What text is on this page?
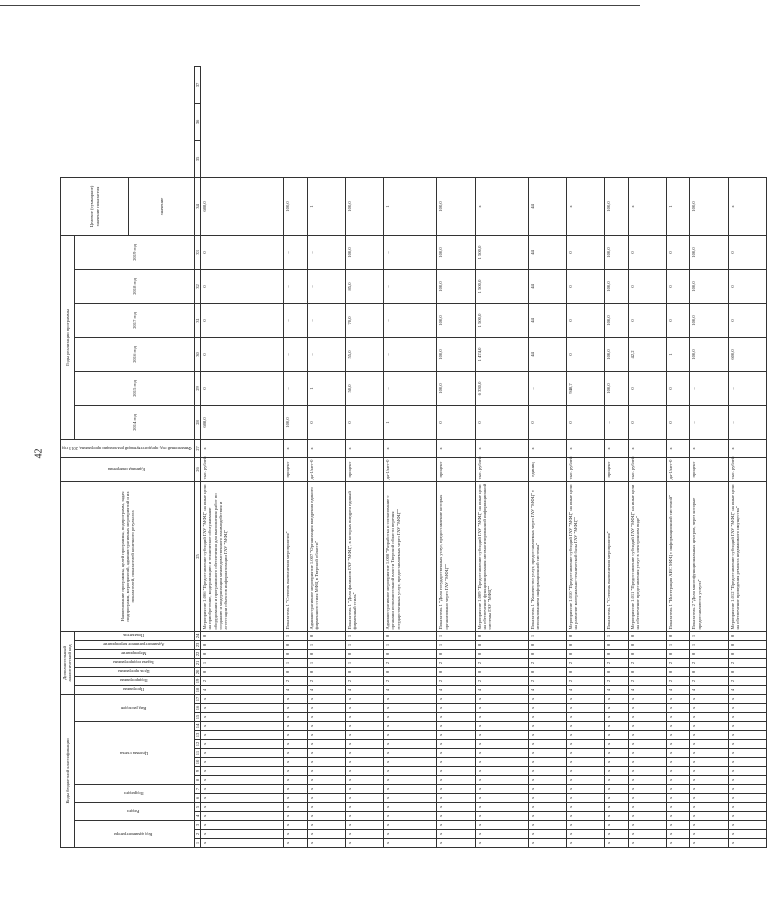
42
Коды бюджетной классификации																	Дополнительный аналитический код							Наименование программы, целей программы, подпрограмм, задач подпрограмм, мероприятий, административных мероприятий и их показателей, показателей конечного результата	Единица измерения	Финансовый год, предшествующий реализации программы, 2013 год	Годы реализации программы						Целевое (суммарное) значение показателя			
Код администратора			Раздел		Подраздел		Целевая статья							Вид расходов			Программа	Подпрограмма	Цель программы	Задача подпрограммы	Мероприятие	Административное мероприятие	Показатель				2014 год	2015 год	2016 год	2017 год	2018 год	2019 год				
																																	значение			
1	2	3	4	5	6	7	8	9	10	11	12	13	14	15	16	17	18	19	20	21	22	23	24	25	26	27	28	29	30	31	32	33	34	35	36	37
х	х	х	х	х	х	х	х	х	х	х	х	х	х	х	х	х	4	2	0	1	0	0	0	Мероприятие 1.006 "Предоставление субсидий ГАУ "МФЦ" на иные цели на приобретение, модернизацию и техническое обслуживание оборудования и программного обеспечения для выполнения работ по созданию и модернизации межведомственного взаимодействия и аттестации объектов информатизации ГАУ "МФЦ"	тыс. рублей	х	688,0	0	0	0	0	0	688,0			
х	х	х	х	х	х	х	х	х	х	х	х	х	х	х	х	х	4	2	0	1	0	0	1	Показатель 1 "Степень выполнения мероприятия"	процент	х	100,0	–	–	–	–	–	100,0			
х	х	х	х	х	х	х	х	х	х	х	х	х	х	х	х	х	4	2	0	1	0	1	0	Административное мероприятие 1.007 "Организация внедрения единого фирменного стиля МФЦ в Тверской области"	да-1/нет-0	х	0	1	–	–	–	–	1			
х	х	х	х	х	х	х	х	х	х	х	х	х	х	х	х	х	4	2	0	1	0	1	1	Показатель 1 "Доля филиалов ГАУ "МФЦ", в которых внедрен единый фирменный стиль"	процент	х	0	50,0	55,0	70,0	85,0	100,0	100,0			
х	х	х	х	х	х	х	х	х	х	х	х	х	х	х	х	х	4	2	0	2	0	1	0	Административное мероприятие 1.008 "Разработка и согласование с органами исполнительной власти Тверской области перечня государственных услуг, предоставляемых через ГАУ "МФЦ""	да-1/нет-0	х	1	–	–	–	–	–	1			
х	х	х	х	х	х	х	х	х	х	х	х	х	х	х	х	х	4	2	0	2	0	1	1	Показатель 1 "Доля государственных услуг, предоставление которых организовано через ГАУ "МФЦ""	процент	х	0	100,0	100,0	100,0	100,0	100,0	100,0			
х	х	х	х	х	х	х	х	х	х	х	х	х	х	х	х	х	4	2	0	2	0	0	0	Мероприятие 1.009 "Предоставление субсидий ГАУ "МФЦ" на иные цели на обеспечение функционирования автоматизированной информационной системы ГАУ "МФЦ""	тыс. рублей	х	0	6 330,0	1 474,0	1 500,0	1 500,0	1 500,0	х			
х	х	х	х	х	х	х	х	х	х	х	х	х	х	х	х	х	4	2	0	2	0	0	1	Показатель 1 "Количество услуг, предоставляемых через ГАУ "МФЦ" с использованием информационной системы"	единиц	х	0	–	44	44	44	44	44			
х	х	х	х	х	х	х	х	х	х	х	х	х	х	х	х	х	4	2	0	2	0	0	0	Мероприятие 1.010 "Предоставление субсидий ГАУ "МФЦ" на иные цели на развитие материально-технической базы ГАУ "МФЦ""	тыс. рублей	х	0	948,7	0	0	0	0	х			
х	х	х	х	х	х	х	х	х	х	х	х	х	х	х	х	х	4	2	0	2	0	0	1	Показатель 1 "Степень выполнения мероприятия"	процент	х	–	100,0	100,0	100,0	100,0	100,0	100,0			
х	х	х	х	х	х	х	х	х	х	х	х	х	х	х	х	х	4	2	0	2	0	0	0	Мероприятие 1.011 "Предоставление субсидий ГАУ "МФЦ" на иные цели на обеспечение представления услуг в электронном виде"	тыс. рублей	х	0	0	42,2	0	0	0	х			
х	х	х	х	х	х	х	х	х	х	х	х	х	х	х	х	х	4	2	0	2	0	1	0	Показатель 1 "Интеграция АИС МФЦ с информационной системой"	да-1/нет-0	х	0	0	1	0	0	0	1			
х	х	х	х	х	х	х	х	х	х	х	х	х	х	х	х	х	4	2	0	2	0	1	1	Показатель 2 "Доля многофункциональных центров, через которые предоставляются услуги"	процент	х	–	–	100,0	100,0	100,0	100,0	100,0			
х	х	х	х	х	х	х	х	х	х	х	х	х	х	х	х	х	4	2	0	2	0	0	0	Мероприятие 1.012 "Предоставление субсидий ГАУ "МФЦ" на иные цели на обеспечение проведения ремонта недвижимого имущества"	тыс. рублей	х	–	–	600,0	0	0	0	х			
